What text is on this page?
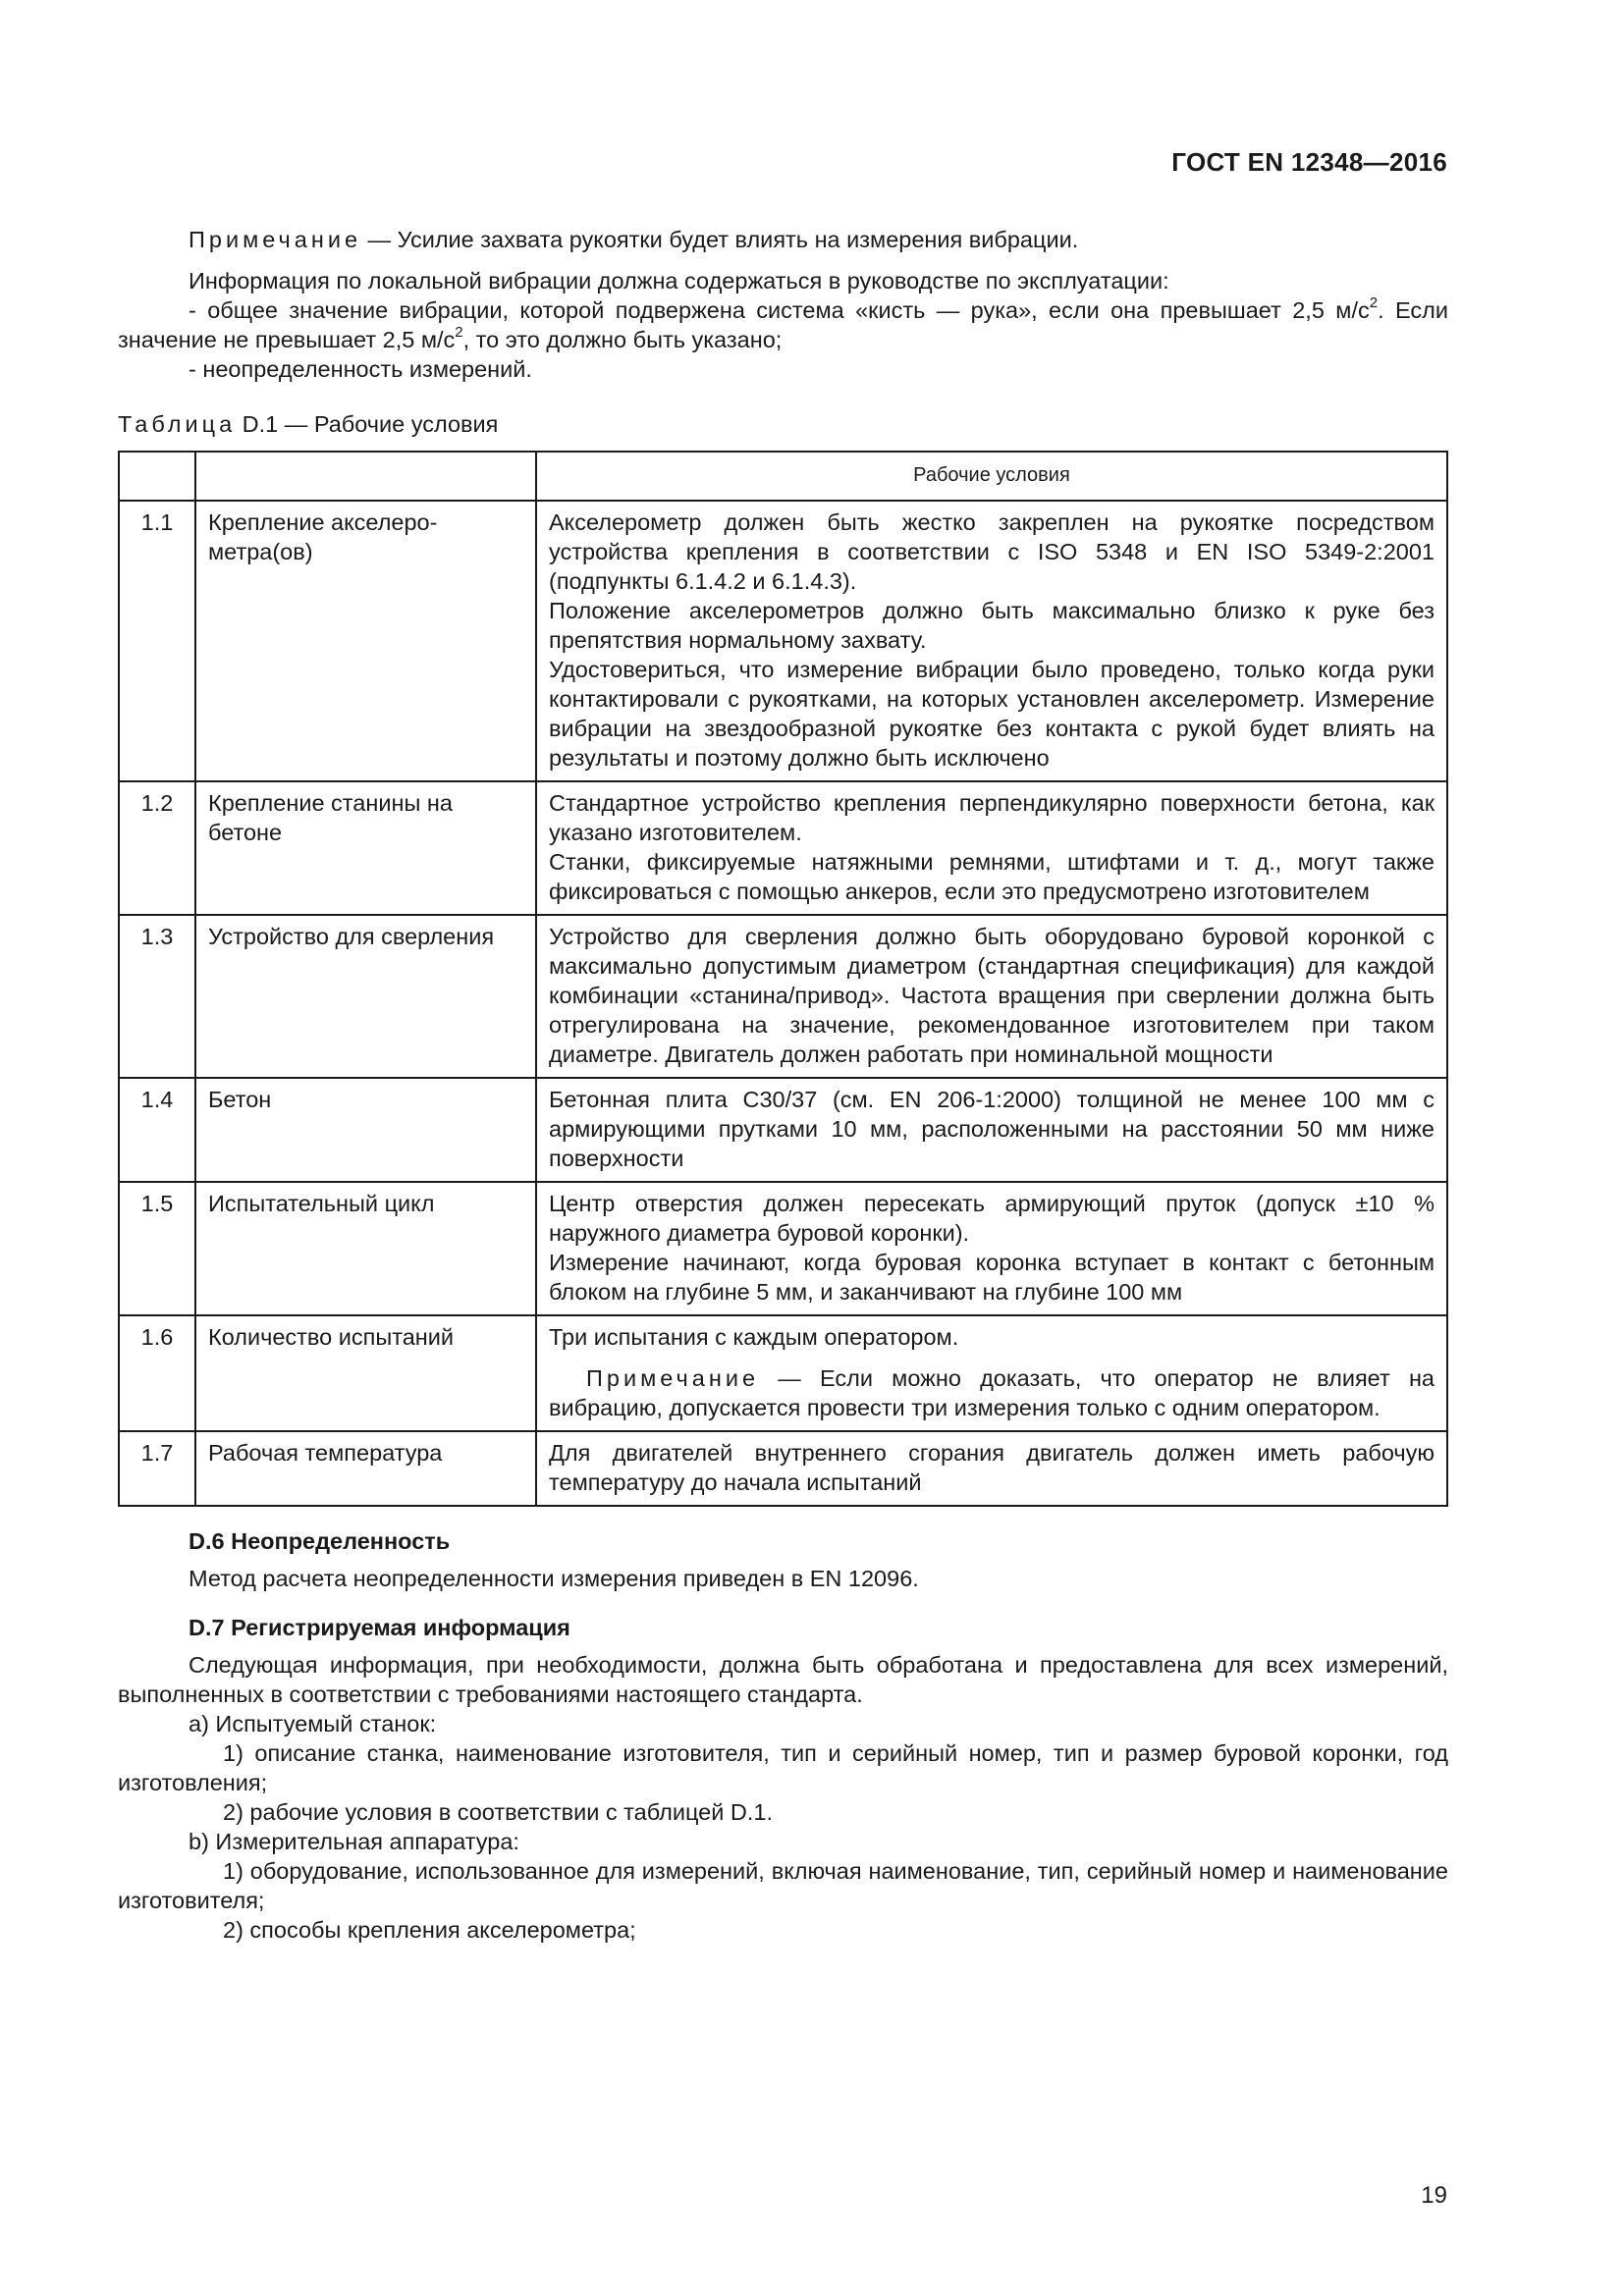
ГОСТ EN 12348—2016

Примечание — Усилие захвата рукоятки будет влиять на измерения вибрации.

Информация по локальной вибрации должна содержаться в руководстве по эксплуатации:

- общее значение вибрации, которой подвержена система «кисть — рука», если она превышает 2,5 $м/с^2$. Если значение не превышает 2,5 $м/с^2$, то это должно быть указано;

- неопределенность измерений.

Таблица D.1 — Рабочие условия

		Рабочие условия
1.1	Крепление акселеро-метра(ов)	Акселерометр должен быть жестко закреплен на рукоятке посредством устройства крепления в соответствии с ISO 5348 и EN ISO 5349-2:2001 (подпункты 6.1.4.2 и 6.1.4.3).

Положение акселерометров должно быть максимально близко к руке без препятствия нормальному захвату.

Удостовериться, что измерение вибрации было проведено, только когда руки контактировали с рукоятками, на которых установлен акселерометр. Измерение вибрации на звездообразной рукоятке без контакта с рукой будет влиять на результаты и поэтому должно быть исключено

1.2	Крепление станины на бетоне	Стандартное устройство крепления перпендикулярно поверхности бетона, как указано изготовителем.

Станки, фиксируемые натяжными ремнями, штифтами и т. д., могут также фиксироваться с помощью анкеров, если это предусмотрено изготовителем

1.3	Устройство для сверления	Устройство для сверления должно быть оборудовано буровой коронкой с максимально допустимым диаметром (стандартная спецификация) для каждой комбинации «станина/привод». Частота вращения при сверлении должна быть отрегулирована на значение, рекомендованное изготовителем при таком диаметре. Двигатель должен работать при номинальной мощности

1.4	Бетон	Бетонная плита С30/37 (см. EN 206-1:2000) толщиной не менее 100 мм с армирующими прутками 10 мм, расположенными на расстоянии 50 мм ниже поверхности

1.5	Испытательный цикл	Центр отверстия должен пересекать армирующий пруток (допуск ±10 % наружного диаметра буровой коронки).

Измерение начинают, когда буровая коронка вступает в контакт с бетонным блоком на глубине 5 мм, и заканчивают на глубине 100 мм

1.6	Количество испытаний	Три испытания с каждым оператором.

Примечание — Если можно доказать, что оператор не влияет на вибрацию, допускается провести три измерения только с одним оператором.

1.7	Рабочая температура	Для двигателей внутреннего сгорания двигатель должен иметь рабочую температуру до начала испытаний

D.6 Неопределенность

Метод расчета неопределенности измерения приведен в EN 12096.

D.7 Регистрируемая информация

Следующая информация, при необходимости, должна быть обработана и предоставлена для всех измерений, выполненных в соответствии с требованиями настоящего стандарта.

а) Испытуемый станок:

1) описание станка, наименование изготовителя, тип и серийный номер, тип и размер буровой коронки, год изготовления;

2) рабочие условия в соответствии с таблицей D.1.

b) Измерительная аппаратура:

1) оборудование, использованное для измерений, включая наименование, тип, серийный номер и наименование изготовителя;

2) способы крепления акселерометра;

19
